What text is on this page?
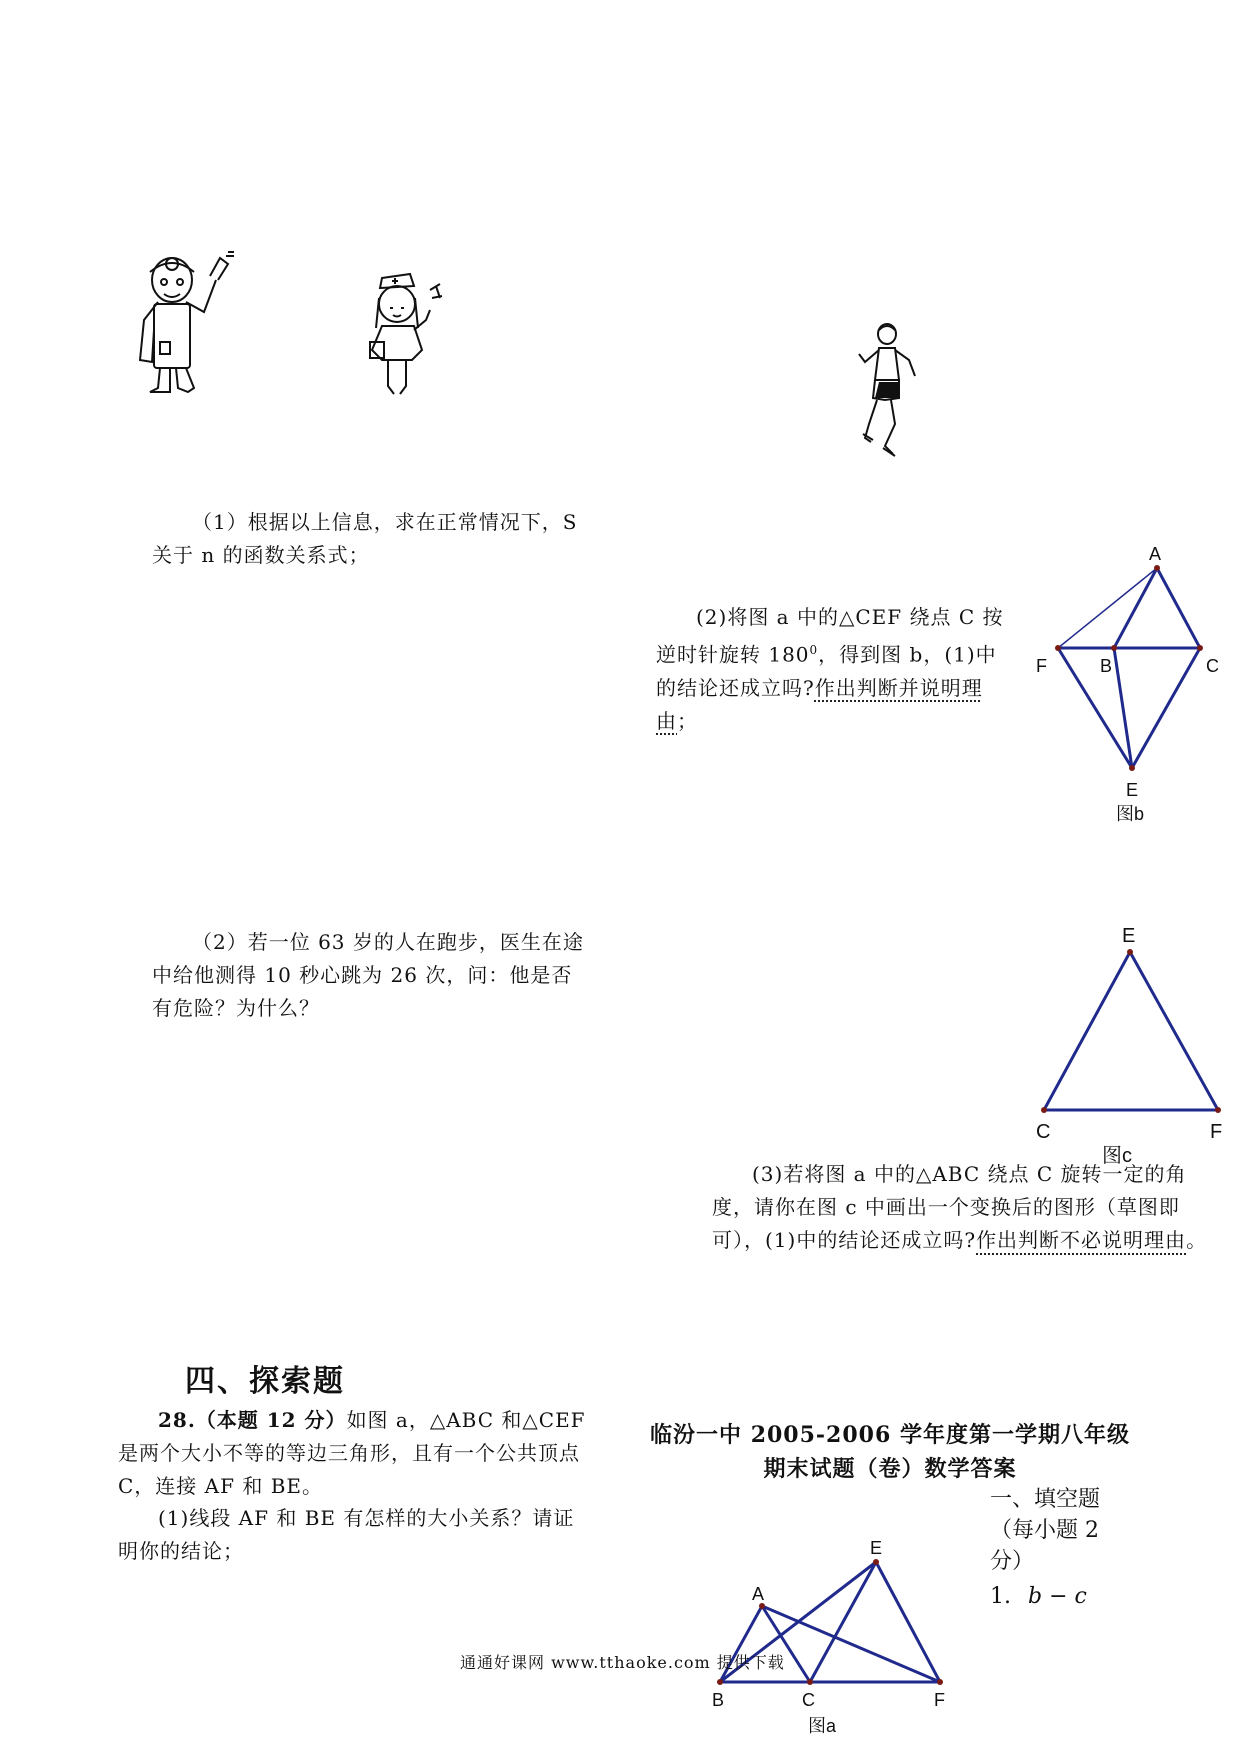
（1）根据以上信息，求在正常情况下，S关于 n 的函数关系式；
（2）若一位 63 岁的人在跑步，医生在途中给他测得 10 秒心跳为 26 次，问：他是否有危险？为什么？
(2)将图 a 中的△CEF 绕点 C 按逆时针旋转 $180^0$，得到图 b，(1)中的结论还成立吗?作出判断并说明理由；
(3)若将图 a 中的△ABC 绕点 C 旋转一定的角度，请你在图 c 中画出一个变换后的图形（草图即可），(1)中的结论还成立吗?作出判断不必说明理由。
四、探索题
28.（本题 12 分）如图 a，△ABC 和△CEF 是两个大小不等的等边三角形，且有一个公共顶点 C，连接 AF 和 BE。
(1)线段 AF 和 BE 有怎样的大小关系？请证明你的结论；
临汾一中 2005-2006 学年度第一学期八年级
期末试题（卷）数学答案
一、填空题
（每小题 2
分）
1. b − c
A
B	C
F
E
图b
E
C	F
图c
A
E
B	C	F
图a
通通好课网 www.tthaoke.com 提供下载
